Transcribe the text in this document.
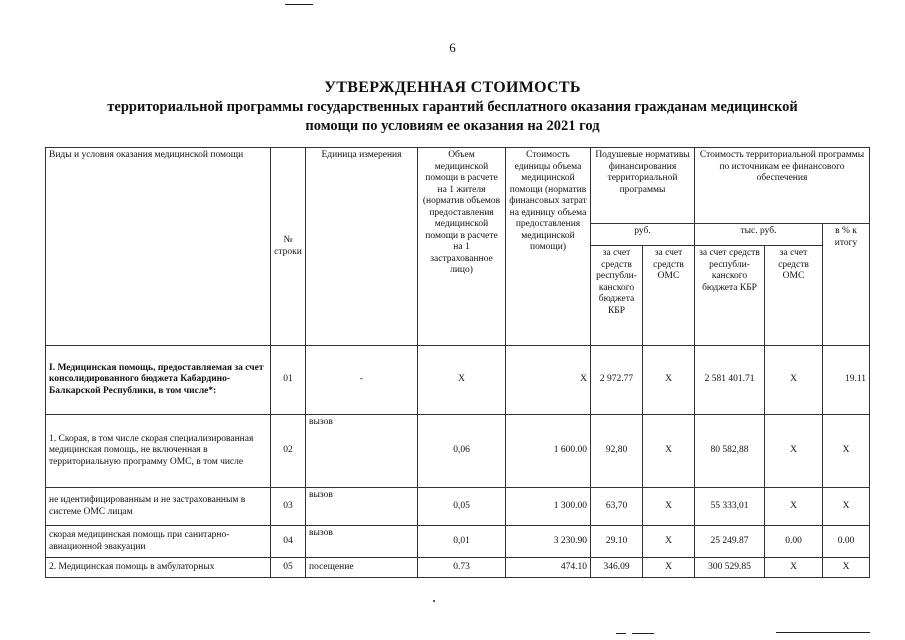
6
УТВЕРЖДЕННАЯ СТОИМОСТЬ
территориальной программы государственных гарантий бесплатного оказания гражданам медицинской
помощи по условиям ее оказания на 2021 год
Виды и условия оказания медицинской помощи	№ строки	Единица измерения	Объем медицинской помощи в расчете на 1 жителя (норматив объемов предоставления медицинской помощи в расчете на 1 застрахованное лицо)	Стоимость единицы объема медицинской помощи (норматив финансовых затрат на единицу объема предоставления медицинской помощи)	Подушевые нормативы финансирования территориальной программы		Стоимость территориальной программы по источникам ее финансового обеспечения		
					руб.		тыс. руб.		в % к итогу
					за счет средств республи-канского бюджета КБР	за счет средств ОМС	за счет средств республи-канского бюджета КБР	за счет средств ОМС	
I. Медицинская помощь, предоставляемая за счет консолидированного бюджета Кабардино-Балкарской Республики, в том числе*:	01	-	X	X	2 972.77	X	2 581 401.71	X	19.11
1. Скорая, в том числе скорая специализированная медицинская помощь, не включенная в территориальную программу ОМС, в том числе	02	вызов	0,06	1 600.00	92,80	X	80 582,88	X	X
не идентифицированным и не застрахованным в системе ОМС лицам	03	вызов	0,05	1 300.00	63,70	X	55 333,01	X	X
скорая медицинская помощь при санитарно-авиационной эвакуации	04	вызов	0,01	3 230.90	29.10	X	25 249.87	0.00	0.00
2. Медицинская помощь в амбулаторных	05	посещение	0.73	474.10	346.09	X	300 529.85	X	X
